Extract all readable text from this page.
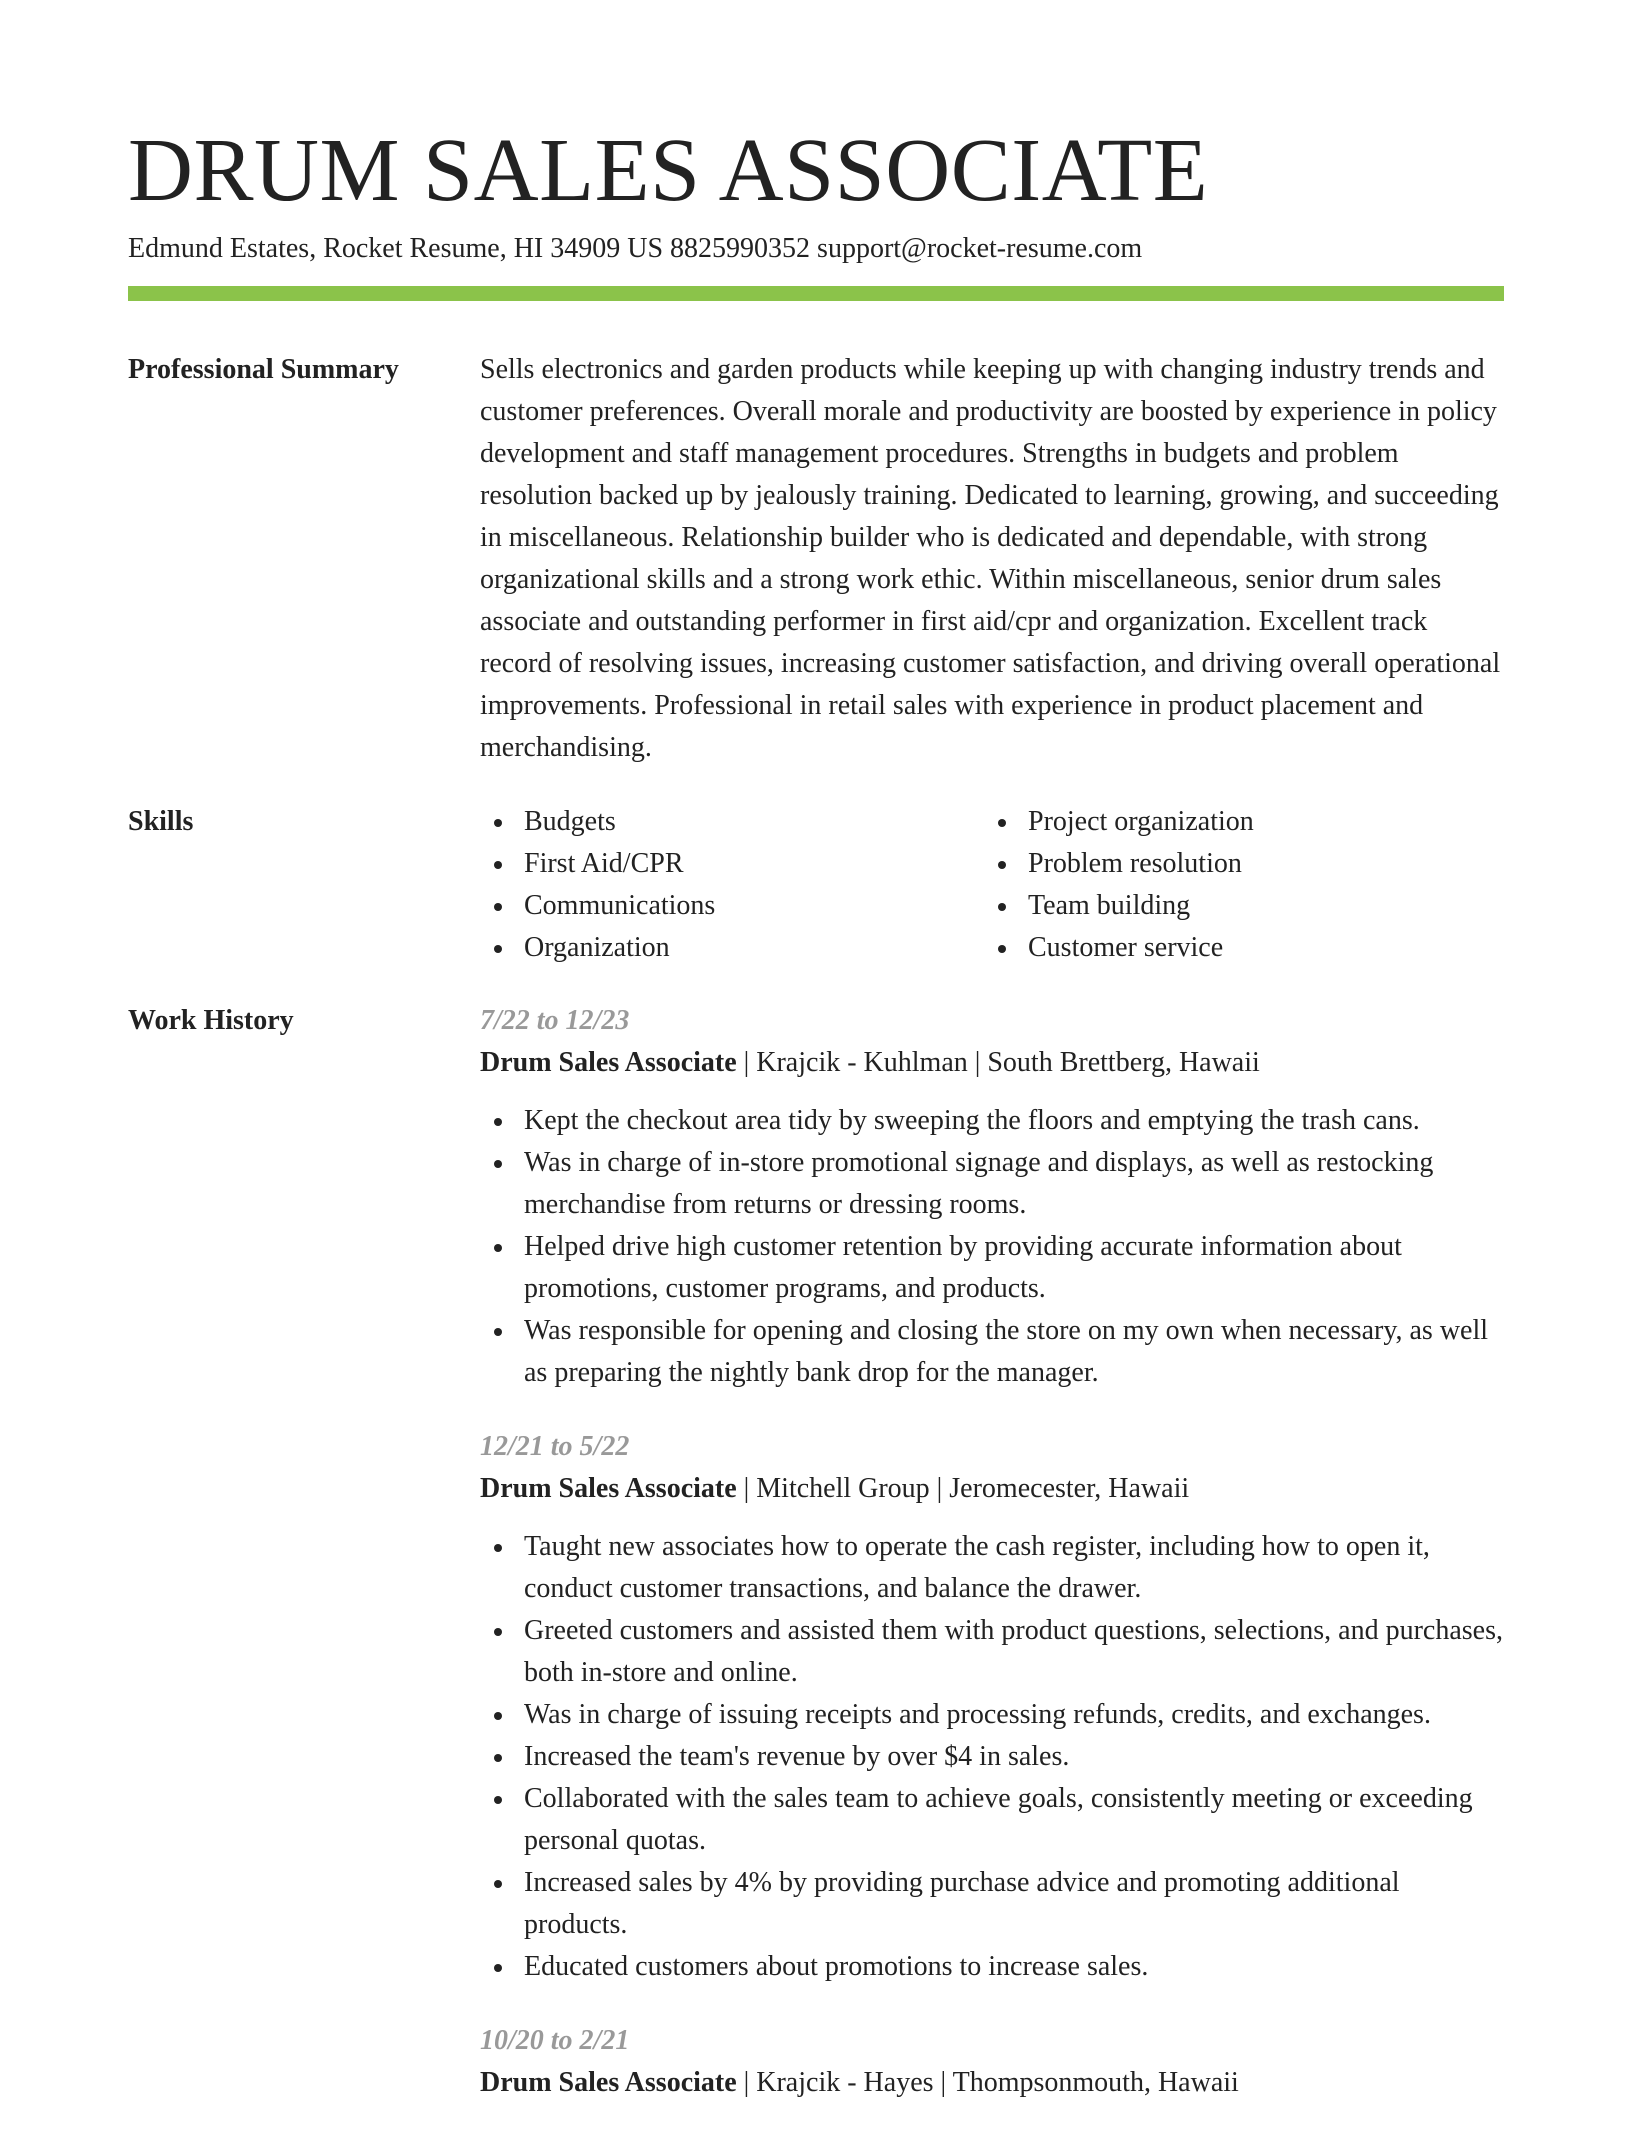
DRUM SALES ASSOCIATE
Edmund Estates, Rocket Resume, HI 34909 US 8825990352 support@rocket-resume.com
Professional Summary	Sells electronics and garden products while keeping up with changing industry trends and customer preferences. Overall morale and productivity are boosted by experience in policy development and staff management procedures. Strengths in budgets and problem resolution backed up by jealously training. Dedicated to learning, growing, and succeeding in miscellaneous. Relationship builder who is dedicated and dependable, with strong organizational skills and a strong work ethic. Within miscellaneous, senior drum sales associate and outstanding performer in first aid/cpr and organization. Excellent track record of resolving issues, increasing customer satisfaction, and driving overall operational improvements. Professional in retail sales with experience in product placement and merchandising.

Skills	Budgets
First Aid/CPR
Communications
Organization
Project organization
Problem resolution
Team building
Customer service
Work History	7/22 to 12/23
Drum Sales Associate | Krajcik - Kuhlman | South Brettberg, Hawaii
Kept the checkout area tidy by sweeping the floors and emptying the trash cans.
Was in charge of in-store promotional signage and displays, as well as restocking merchandise from returns or dressing rooms.
Helped drive high customer retention by providing accurate information about promotions, customer programs, and products.
Was responsible for opening and closing the store on my own when necessary, as well as preparing the nightly bank drop for the manager.
12/21 to 5/22
Drum Sales Associate | Mitchell Group | Jeromecester, Hawaii
Taught new associates how to operate the cash register, including how to open it, conduct customer transactions, and balance the drawer.
Greeted customers and assisted them with product questions, selections, and purchases, both in-store and online.
Was in charge of issuing receipts and processing refunds, credits, and exchanges.
Increased the team's revenue by over $4 in sales.
Collaborated with the sales team to achieve goals, consistently meeting or exceeding personal quotas.
Increased sales by 4% by providing purchase advice and promoting additional products.
Educated customers about promotions to increase sales.
10/20 to 2/21
Drum Sales Associate | Krajcik - Hayes | Thompsonmouth, Hawaii
